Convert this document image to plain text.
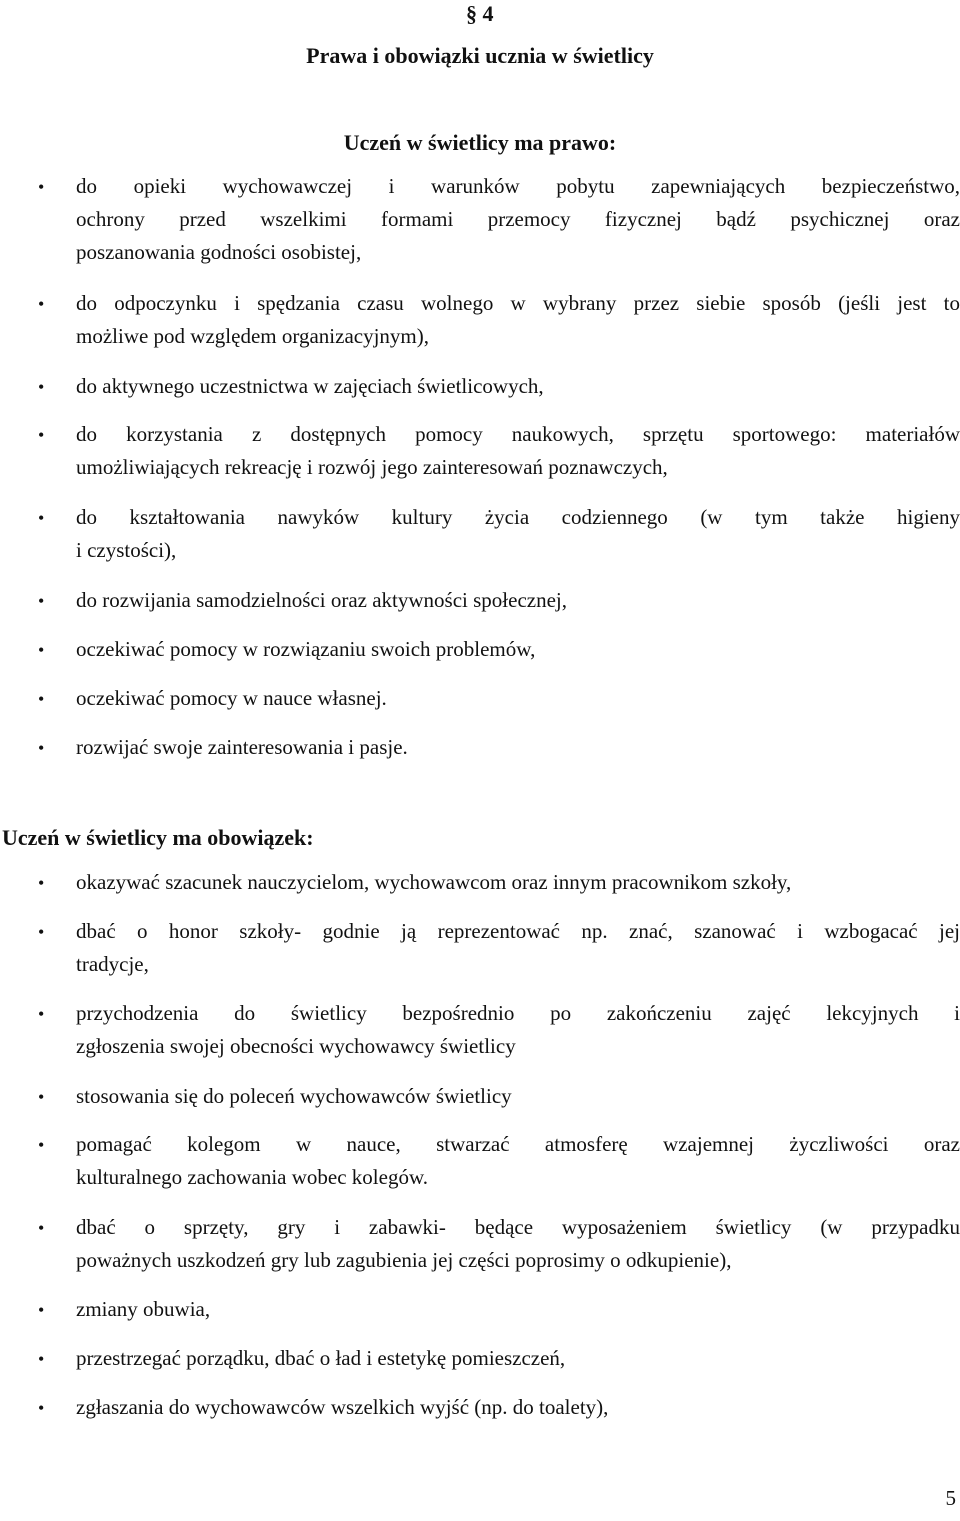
§ 4
Prawa i obowiązki ucznia w świetlicy
Uczeń w świetlicy ma prawo:
• do opieki wychowawczej i warunków pobytu zapewniających bezpieczeństwo,
ochrony przed wszelkimi formami przemocy fizycznej bądź psychicznej oraz
poszanowania godności osobistej,
• do odpoczynku i spędzania czasu wolnego w wybrany przez siebie sposób (jeśli jest to
możliwe pod względem organizacyjnym),
• do aktywnego uczestnictwa w zajęciach świetlicowych,
• do korzystania z dostępnych pomocy naukowych, sprzętu sportowego: materiałów
umożliwiających rekreację i rozwój jego zainteresowań poznawczych,
• do kształtowania nawyków kultury życia codziennego (w tym także higieny
i czystości),
• do rozwijania samodzielności oraz aktywności społecznej,
• oczekiwać pomocy w rozwiązaniu swoich problemów,
• oczekiwać pomocy w nauce własnej.
• rozwijać swoje zainteresowania i pasje.
Uczeń w świetlicy ma obowiązek:
• okazywać szacunek nauczycielom, wychowawcom oraz innym pracownikom szkoły,
• dbać o honor szkoły- godnie ją reprezentować np. znać, szanować i wzbogacać jej
tradycje,
• przychodzenia do świetlicy bezpośrednio po zakończeniu zajęć lekcyjnych i
zgłoszenia swojej obecności wychowawcy świetlicy
• stosowania się do poleceń wychowawców świetlicy
• pomagać kolegom w nauce, stwarzać atmosferę wzajemnej życzliwości oraz
kulturalnego zachowania wobec kolegów.
• dbać o sprzęty, gry i zabawki- będące wyposażeniem świetlicy (w przypadku
poważnych uszkodzeń gry lub zagubienia jej części poprosimy o odkupienie),
• zmiany obuwia,
• przestrzegać porządku, dbać o ład i estetykę pomieszczeń,
• zgłaszania do wychowawców wszelkich wyjść (np. do toalety),
5
